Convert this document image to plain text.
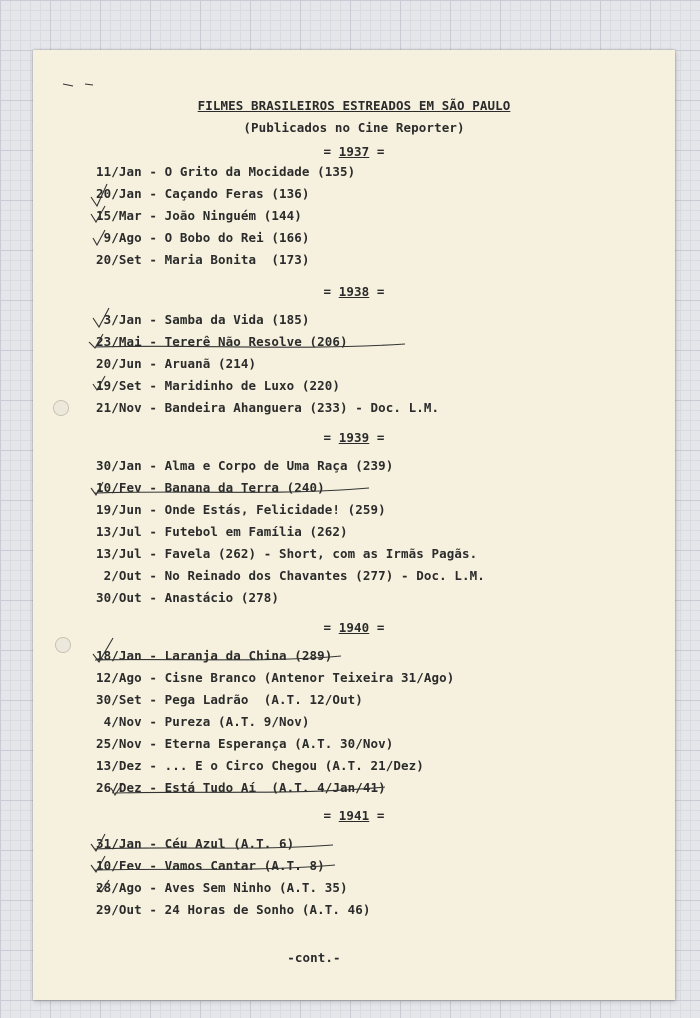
FILMES BRASILEIROS ESTREADOS EM SÃO PAULO
(Publicados no Cine Reporter)
= 1937 =
11/Jan - O Grito da Mocidade (135)
20/Jan - Caçando Feras (136)
15/Mar - João Ninguém (144)
9/Ago - O Bobo do Rei (166)
20/Set - Maria Bonita  (173)
= 1938 =
3/Jan - Samba da Vida (185)
23/Mai - Tererê Não Resolve (206)
20/Jun - Aruanã (214)
19/Set - Maridinho de Luxo (220)
21/Nov - Bandeira Ahanguera (233) - Doc. L.M.
= 1939 =
30/Jan - Alma e Corpo de Uma Raça (239)
10/Fev - Banana da Terra (240)
19/Jun - Onde Estás, Felicidade! (259)
13/Jul - Futebol em Família (262)
13/Jul - Favela (262) - Short, com as Irmãs Pagãs.
2/Out - No Reinado dos Chavantes (277) - Doc. L.M.
30/Out - Anastácio (278)
= 1940 =
18/Jan - Laranja da China (289)
12/Ago - Cisne Branco (Antenor Teixeira 31/Ago)
30/Set - Pega Ladrão  (A.T. 12/Out)
4/Nov - Pureza (A.T. 9/Nov)
25/Nov - Eterna Esperança (A.T. 30/Nov)
13/Dez - ... E o Circo Chegou (A.T. 21/Dez)
26/Dez - Está Tudo Aí  (A.T. 4/Jan/41)
= 1941 =
31/Jan - Céu Azul (A.T. 6)
10/Fev - Vamos Cantar (A.T. 8)
28/Ago - Aves Sem Ninho (A.T. 35)
29/Out - 24 Horas de Sonho (A.T. 46)
-cont.-
